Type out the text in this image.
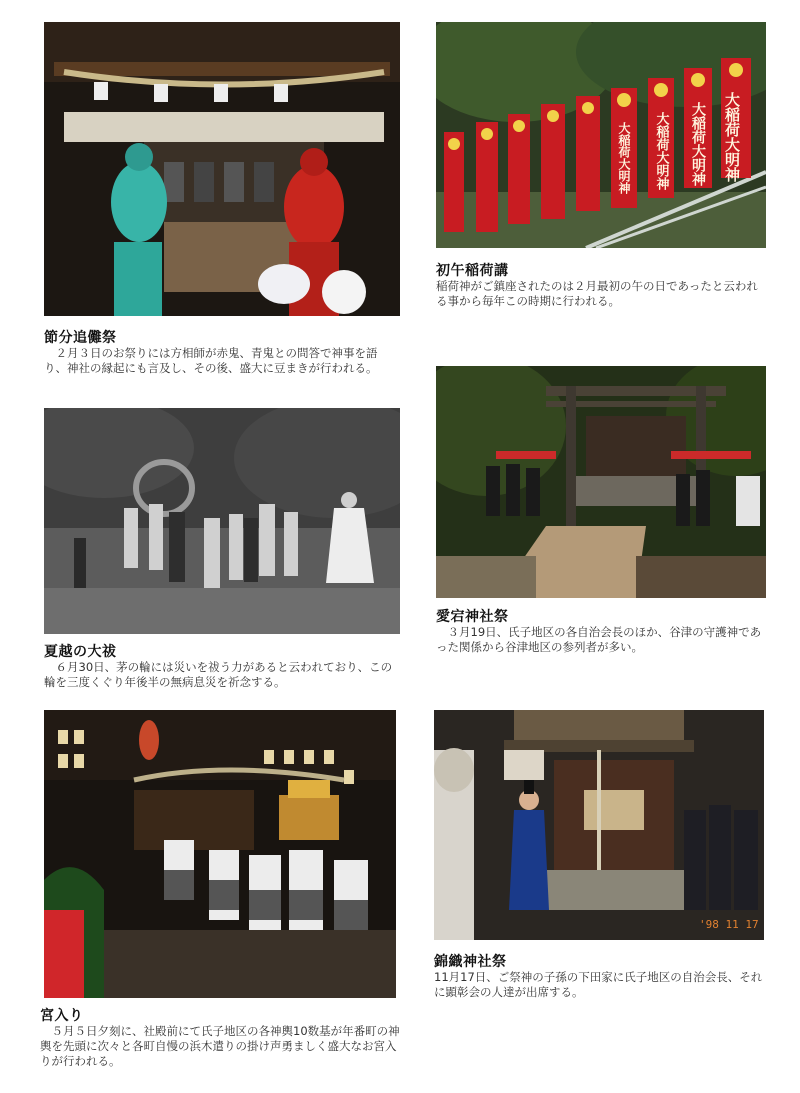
節分追儺祭
２月３日のお祭りには方相師が赤鬼、青鬼との問答で神事を語り、神社の縁起にも言及し、その後、盛大に豆まきが行われる。
大稲荷大明神
大稲荷大明神
大稲荷大明神
大稲荷大明神
初午稲荷講
稲荷神がご鎮座されたのは２月最初の午の日であったと云われる事から毎年この時期に行われる。
夏越の大祓
６月30日、茅の輪には災いを祓う力があると云われており、この輪を三度くぐり年後半の無病息災を祈念する。
愛宕神社祭
３月19日、氏子地区の各自治会長のほか、谷津の守護神であった関係から谷津地区の参列者が多い。
宮入り
５月５日夕刻に、社殿前にて氏子地区の各神輿10数基が年番町の神輿を先頭に次々と各町自慢の浜木遣りの掛け声勇ましく盛大なお宮入りが行われる。
'98 11 17
錦織神社祭
11月17日、ご祭神の子孫の下田家に氏子地区の自治会長、それに顕彰会の人達が出席する。
